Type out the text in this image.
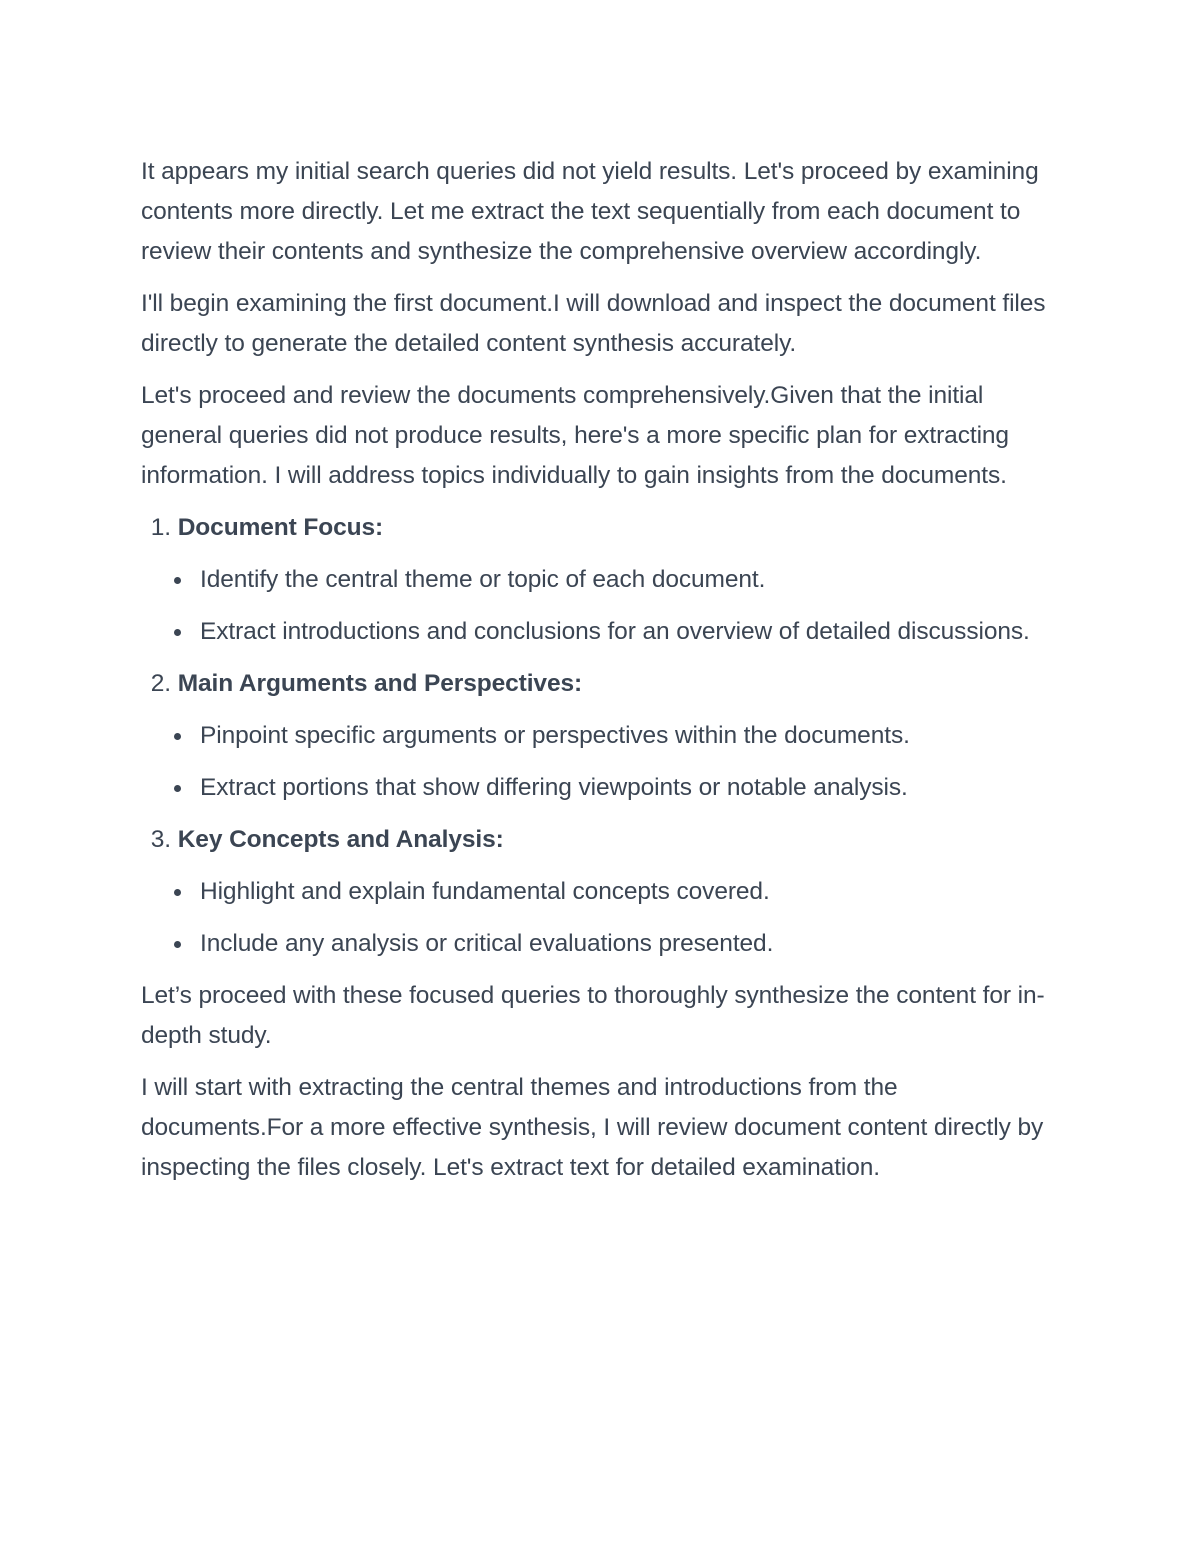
It appears my initial search queries did not yield results. Let's proceed by examining contents more directly. Let me extract the text sequentially from each document to review their contents and synthesize the comprehensive overview accordingly.

I'll begin examining the first document.I will download and inspect the document files directly to generate the detailed content synthesis accurately.

Let's proceed and review the documents comprehensively.Given that the initial general queries did not produce results, here's a more specific plan for extracting information. I will address topics individually to gain insights from the documents.

1. Document Focus:
Identify the central theme or topic of each document.
Extract introductions and conclusions for an overview of detailed discussions.
2. Main Arguments and Perspectives:
Pinpoint specific arguments or perspectives within the documents.
Extract portions that show differing viewpoints or notable analysis.
3. Key Concepts and Analysis:
Highlight and explain fundamental concepts covered.
Include any analysis or critical evaluations presented.

Let’s proceed with these focused queries to thoroughly synthesize the content for in-depth study.

I will start with extracting the central themes and introductions from the documents.For a more effective synthesis, I will review document content directly by inspecting the files closely. Let's extract text for detailed examination.
